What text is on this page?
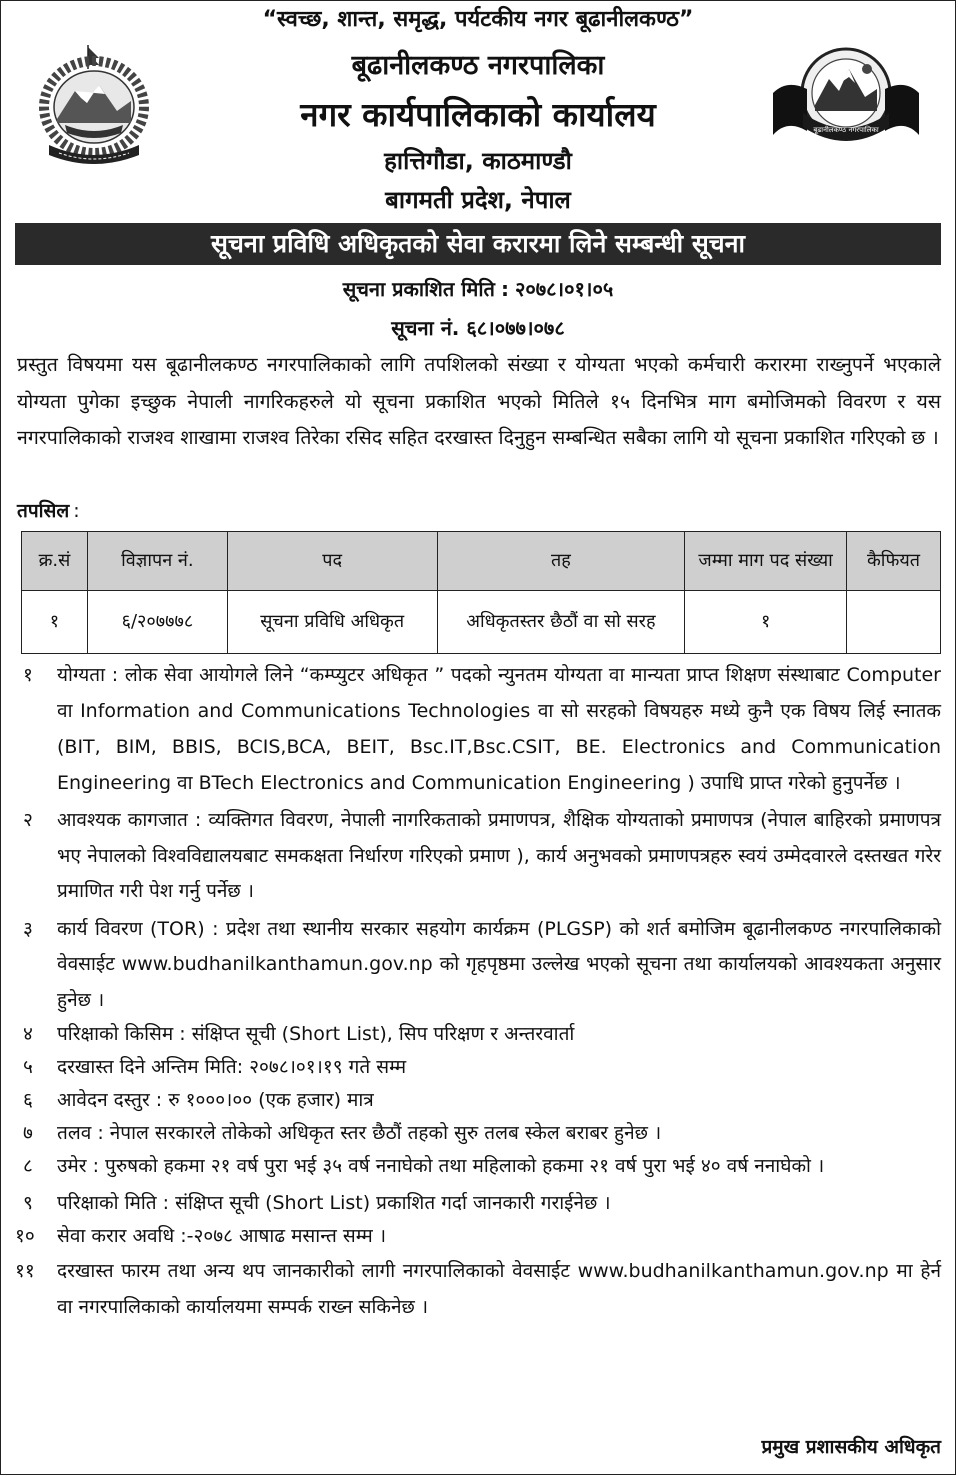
“स्वच्छ, शान्त, समृद्ध, पर्यटकीय नगर बूढानीलकण्ठ”
बूढानीलकण्ठ नगरपालिका
नगर कार्यपालिकाको कार्यालय
हात्तिगौडा, काठमाण्डौ
बागमती प्रदेश, नेपाल
बूढानीलकण्ठ नगरपालिका
सूचना प्रविधि अधिकृतको सेवा करारमा लिने सम्बन्धी सूचना
सूचना प्रकाशित मिति : २०७८।०१।०५
सूचना नं. ६८।०७७।०७८

प्रस्तुत विषयमा यस बूढानीलकण्ठ नगरपालिकाको लागि तपशिलको संख्या र योग्यता भएको कर्मचारी करारमा राख्नुपर्ने भएकाले योग्यता पुगेका इच्छुक नेपाली नागरिकहरुले यो सूचना प्रकाशित भएको मितिले १५ दिनभित्र माग बमोजिमको विवरण र यस नगरपालिकाको राजश्व शाखामा राजश्व तिरेका रसिद सहित दरखास्त दिनुहुन सम्बन्धित सबैका लागि यो सूचना प्रकाशित गरिएको छ ।

तपसिल :
क्र.सं	विज्ञापन नं.	पद	तह	जम्मा माग पद संख्या	कैफियत
१	६/२०७७७८	सूचना प्रविधि अधिकृत	अधिकृतस्तर छैठौं वा सो सरह	१	
१ योग्यता : लोक सेवा आयोगले लिने “कम्प्युटर अधिकृत ” पदको न्युनतम योग्यता वा मान्यता प्राप्त शिक्षण संस्थाबाट Computer वा Information and Communications Technologies वा सो सरहको विषयहरु मध्ये कुनै एक विषय लिई स्नातक (BIT, BIM, BBIS, BCIS,BCA, BEIT, Bsc.IT,Bsc.CSIT, BE. Electronics and Communication Engineering वा BTech Electronics and Communication Engineering ) उपाधि प्राप्त गरेको हुनुपर्नेछ ।
२ आवश्यक कागजात : व्यक्तिगत विवरण, नेपाली नागरिकताको प्रमाणपत्र, शैक्षिक योग्यताको प्रमाणपत्र (नेपाल बाहिरको प्रमाणपत्र भए नेपालको विश्वविद्यालयबाट समकक्षता निर्धारण गरिएको प्रमाण ), कार्य अनुभवको प्रमाणपत्रहरु स्वयं उम्मेदवारले दस्तखत गरेर प्रमाणित गरी पेश गर्नु पर्नेछ ।
३ कार्य विवरण (TOR) : प्रदेश तथा स्थानीय सरकार सहयोग कार्यक्रम (PLGSP) को शर्त बमोजिम बूढानीलकण्ठ नगरपालिकाको वेवसाईट www.budhanilkanthamun.gov.np को गृहपृष्ठमा उल्लेख भएको सूचना तथा कार्यालयको आवश्यकता अनुसार हुनेछ ।
४ परिक्षाको किसिम : संक्षिप्त सूची (Short List), सिप परिक्षण र अन्तरवार्ता
५ दरखास्त दिने अन्तिम मिति: २०७८।०१।१९ गते सम्म
६ आवेदन दस्तुर : रु १०००।०० (एक हजार) मात्र
७ तलव : नेपाल सरकारले तोकेको अधिकृत स्तर छैठौं तहको सुरु तलब स्केल बराबर हुनेछ ।
८ उमेर : पुरुषको हकमा २१ वर्ष पुरा भई ३५ वर्ष ननाघेको तथा महिलाको हकमा २१ वर्ष पुरा भई ४० वर्ष ननाघेको ।
९ परिक्षाको मिति : संक्षिप्त सूची (Short List) प्रकाशित गर्दा जानकारी गराईनेछ ।
१० सेवा करार अवधि :-२०७८ आषाढ मसान्त सम्म ।
११ दरखास्त फारम तथा अन्य थप जानकारीको लागी नगरपालिकाको वेवसाईट www.budhanilkanthamun.gov.np मा हेर्न वा नगरपालिकाको कार्यालयमा सम्पर्क राख्न सकिनेछ ।
प्रमुख प्रशासकीय अधिकृत
